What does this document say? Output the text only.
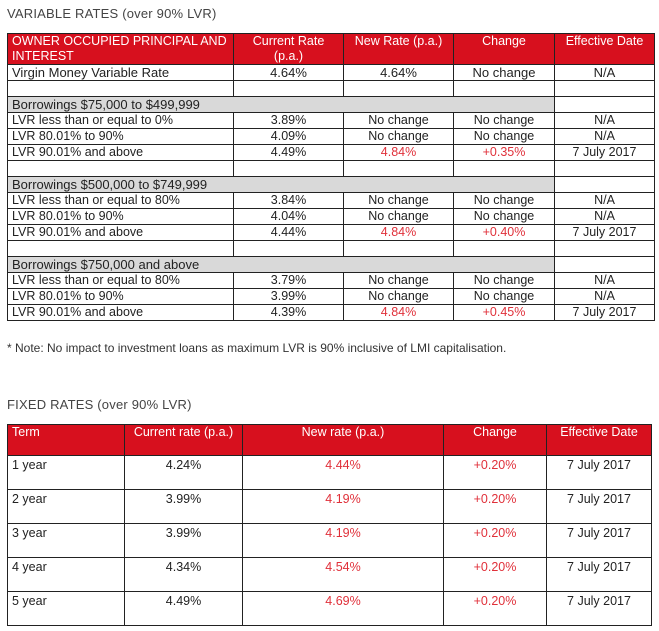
VARIABLE RATES (over 90% LVR)
OWNER OCCUPIED PRINCIPAL AND INTEREST	Current Rate (p.a.)	New Rate (p.a.)	Change	Effective Date
Virgin Money Variable Rate	4.64%	4.64%	No change	N/A

Borrowings $75,000 to $499,999				
LVR less than or equal to 0%	3.89%	No change	No change	N/A
LVR 80.01% to 90%	4.09%	No change	No change	N/A
LVR 90.01% and above	4.49%	4.84%	+0.35%	7 July 2017

Borrowings $500,000 to $749,999				
LVR less than or equal to 80%	3.84%	No change	No change	N/A
LVR 80.01% to 90%	4.04%	No change	No change	N/A
LVR 90.01% and above	4.44%	4.84%	+0.40%	7 July 2017

Borrowings $750,000 and above				
LVR less than or equal to 80%	3.79%	No change	No change	N/A
LVR 80.01% to 90%	3.99%	No change	No change	N/A
LVR 90.01% and above	4.39%	4.84%	+0.45%	7 July 2017
* Note: No impact to investment loans as maximum LVR is 90% inclusive of LMI capitalisation.
FIXED RATES (over 90% LVR)
Term	Current rate (p.a.)	New rate (p.a.)	Change	Effective Date
1 year	4.24%	4.44%	+0.20%	7 July 2017
2 year	3.99%	4.19%	+0.20%	7 July 2017
3 year	3.99%	4.19%	+0.20%	7 July 2017
4 year	4.34%	4.54%	+0.20%	7 July 2017
5 year	4.49%	4.69%	+0.20%	7 July 2017
